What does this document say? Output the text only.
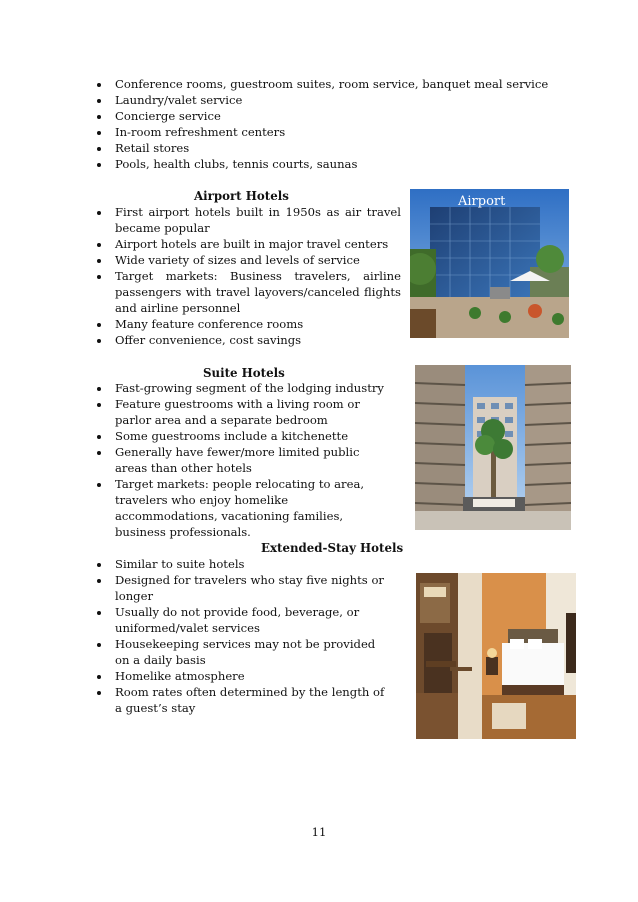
Conference rooms, guestroom suites, room service, banquet meal service
Laundry/valet service
Concierge service
In-room refreshment centers
Retail stores
Pools, health clubs, tennis courts, saunas
Airport Hotels
First airport hotels built in 1950s as air travel became popular
Airport hotels are built in major travel centers
Wide variety of sizes and levels of service
Target markets: Business travelers, airline passengers with travel layovers/canceled flights and airline personnel
Many feature conference rooms
Offer convenience, cost savings
Airport
Suite Hotels
Fast-growing segment of the lodging industry
Feature guestrooms with a living room or parlor area and a separate bedroom
Some guestrooms include a kitchenette
Generally have fewer/more limited public areas than other hotels
Target markets: people relocating to area, travelers who enjoy homelike accommodations, vacationing families, business professionals.
Extended-Stay Hotels
Similar to suite hotels
Designed for travelers who stay five nights or longer
Usually do not provide food, beverage, or uniformed/valet services
Housekeeping services may not be provided on a daily basis
Homelike atmosphere
Room rates often determined by the length of a guest’s stay
11
